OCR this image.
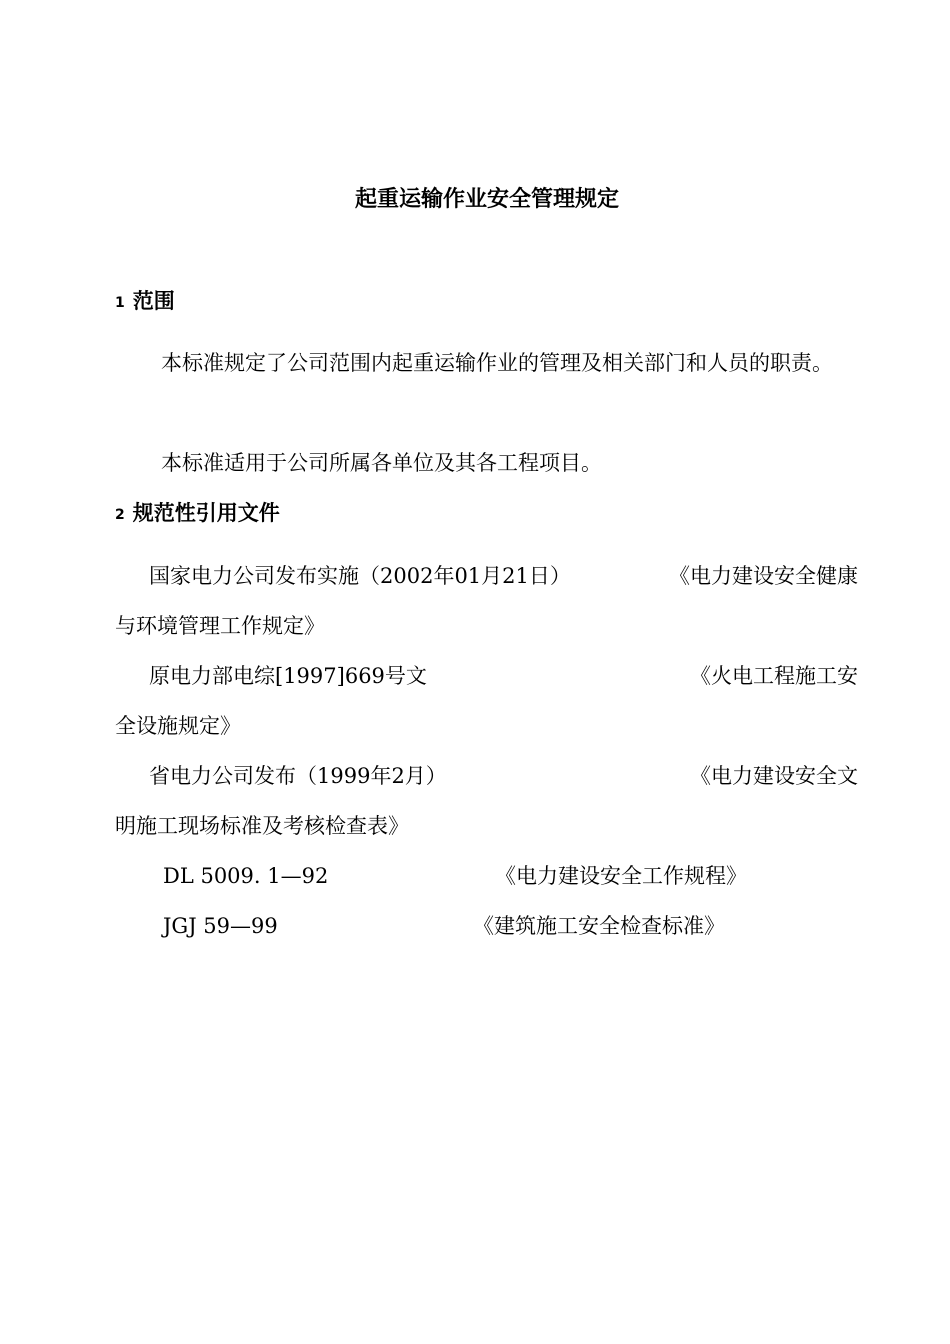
起重运输作业安全管理规定
1 范围
本标准规定了公司范围内起重运输作业的管理及相关部门和人员的职责。
本标准适用于公司所属各单位及其各工程项目。
2 规范性引用文件
国家电力公司发布实施（2002年01月21日）	《电力建设安全健康
与环境管理工作规定》
原电力部电综[1997]669号文	《火电工程施工安
全设施规定》
省电力公司发布（1999年2月）	《电力建设安全文
明施工现场标准及考核检查表》
DL 5009. 1—92	《电力建设安全工作规程》
JGJ 59—99	《建筑施工安全检查标准》
